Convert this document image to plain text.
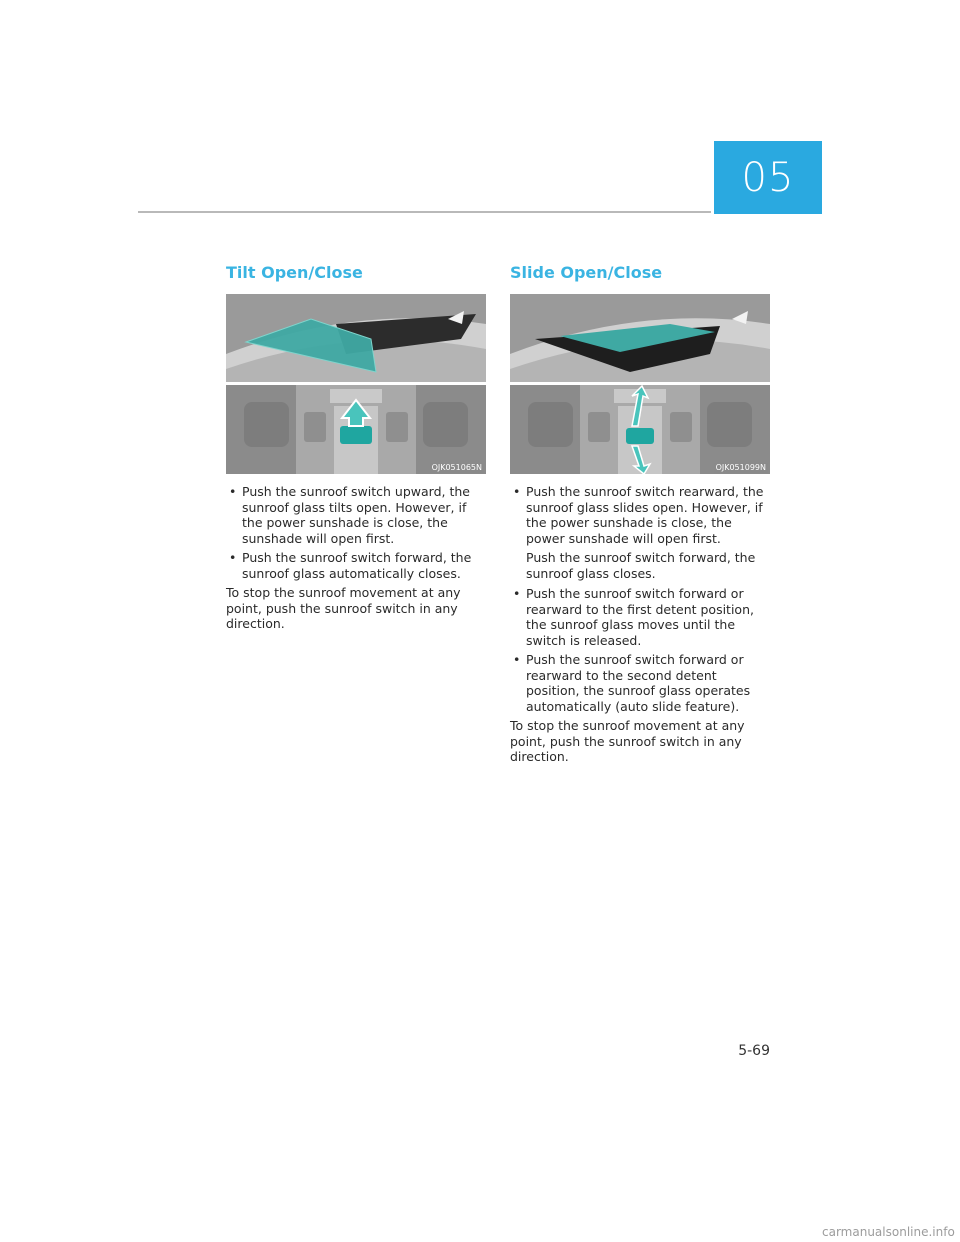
05
Tilt Open/Close
OJK051065N
• Push the sunroof switch upward, the sunroof glass tilts open. However, if the power sunshade is close, the sunshade will open first.
• Push the sunroof switch forward, the sunroof glass automatically closes.

To stop the sunroof movement at any point, push the sunroof switch in any direction.

Slide Open/Close
OJK051099N
• Push the sunroof switch rearward, the sunroof glass slides open. However, if the power sunshade is close, the power sunshade will open first.

Push the sunroof switch forward, the sunroof glass closes.

• Push the sunroof switch forward or rearward to the first detent position, the sunroof glass moves until the switch is released.
• Push the sunroof switch forward or rearward to the second detent position, the sunroof glass operates automatically (auto slide feature).

To stop the sunroof movement at any point, push the sunroof switch in any direction.

5-69
carmanualsonline.info
